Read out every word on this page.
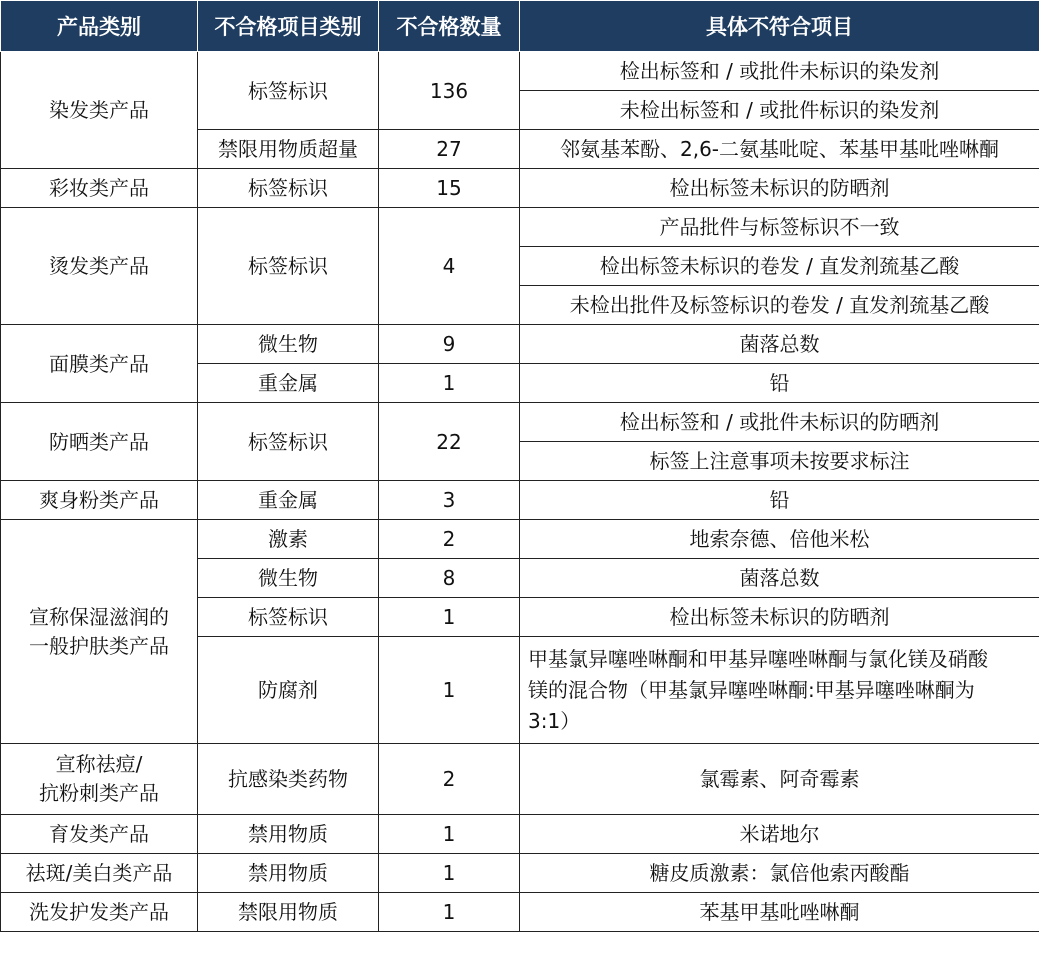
产品类别	不合格项目类别	不合格数量	具体不符合项目
染发类产品	标签标识	136	检出标签和 / 或批件未标识的染发剂
			未检出标签和 / 或批件标识的染发剂
	禁限用物质超量	27	邻氨基苯酚、2,6-二氨基吡啶、苯基甲基吡唑啉酮
彩妆类产品	标签标识	15	检出标签未标识的防晒剂
烫发类产品	标签标识	4	产品批件与标签标识不一致
			检出标签未标识的卷发 / 直发剂巯基乙酸
			未检出批件及标签标识的卷发 / 直发剂巯基乙酸
面膜类产品	微生物	9	菌落总数
	重金属	1	铅
防晒类产品	标签标识	22	检出标签和 / 或批件未标识的防晒剂
			标签上注意事项未按要求标注
爽身粉类产品	重金属	3	铅
宣称保湿滋润的
一般护肤类产品	激素	2	地索奈德、倍他米松
	微生物	8	菌落总数
	标签标识	1	检出标签未标识的防晒剂
	防腐剂	1	甲基氯异噻唑啉酮和甲基异噻唑啉酮与氯化镁及硝酸
镁的混合物（甲基氯异噻唑啉酮:甲基异噻唑啉酮为
3:1）
宣称祛痘/
抗粉刺类产品	抗感染类药物	2	氯霉素、阿奇霉素
育发类产品	禁用物质	1	米诺地尔
祛斑/美白类产品	禁用物质	1	糖皮质激素：氯倍他索丙酸酯
洗发护发类产品	禁限用物质	1	苯基甲基吡唑啉酮
